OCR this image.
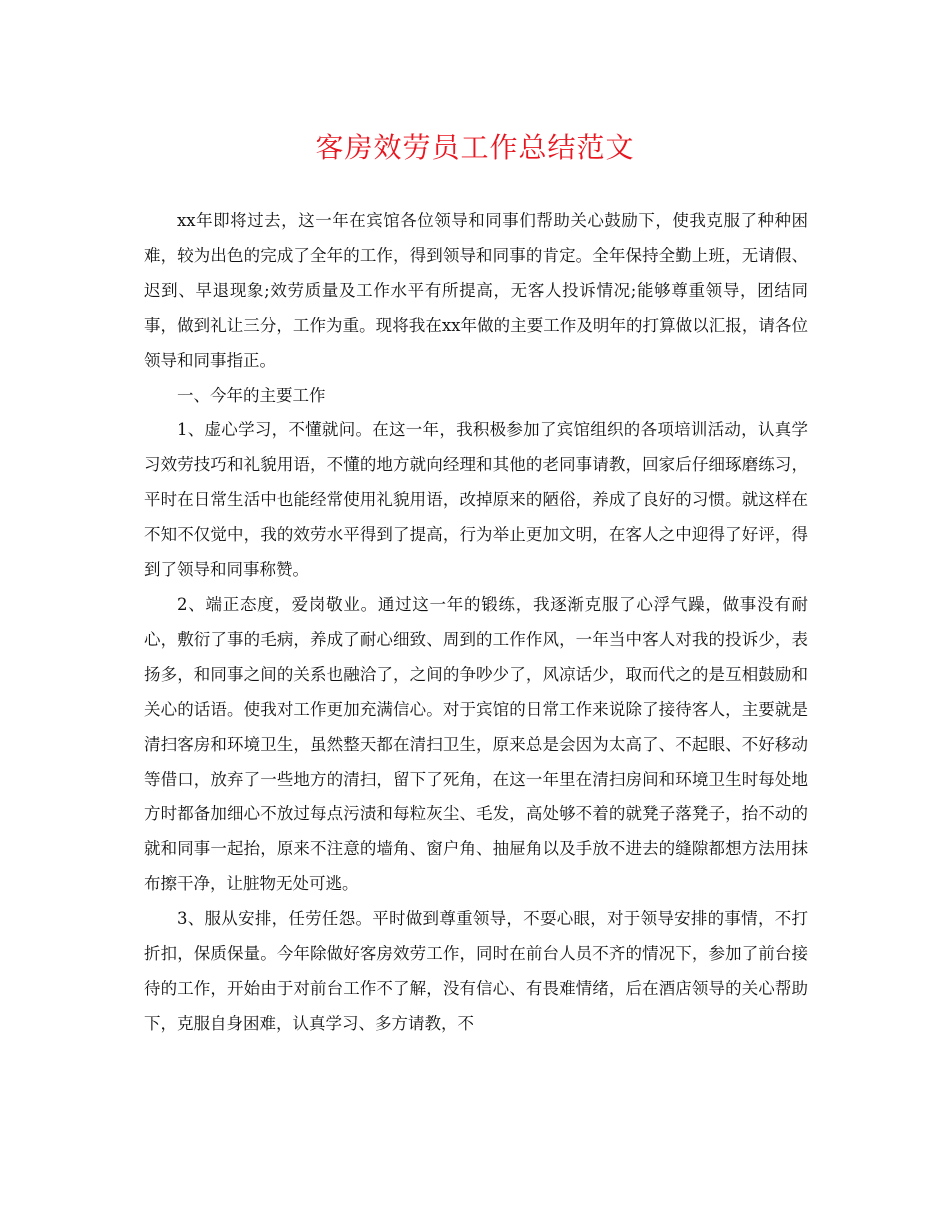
客房效劳员工作总结范文

xx年即将过去，这一年在宾馆各位领导和同事们帮助关心鼓励下，使我克服了种种困难，较为出色的完成了全年的工作，得到领导和同事的肯定。全年保持全勤上班，无请假、迟到、早退现象;效劳质量及工作水平有所提高，无客人投诉情况;能够尊重领导，团结同事，做到礼让三分，工作为重。现将我在xx年做的主要工作及明年的打算做以汇报，请各位领导和同事指正。

一、今年的主要工作

1、虚心学习，不懂就问。在这一年，我积极参加了宾馆组织的各项培训活动，认真学习效劳技巧和礼貌用语，不懂的地方就向经理和其他的老同事请教，回家后仔细琢磨练习，平时在日常生活中也能经常使用礼貌用语，改掉原来的陋俗，养成了良好的习惯。就这样在不知不仅觉中，我的效劳水平得到了提高，行为举止更加文明，在客人之中迎得了好评，得到了领导和同事称赞。

2、端正态度，爱岗敬业。通过这一年的锻练，我逐渐克服了心浮气躁，做事没有耐心，敷衍了事的毛病，养成了耐心细致、周到的工作作风，一年当中客人对我的投诉少，表扬多，和同事之间的关系也融洽了，之间的争吵少了，风凉话少，取而代之的是互相鼓励和关心的话语。使我对工作更加充满信心。对于宾馆的日常工作来说除了接待客人，主要就是清扫客房和环境卫生，虽然整天都在清扫卫生，原来总是会因为太高了、不起眼、不好移动等借口，放弃了一些地方的清扫，留下了死角，在这一年里在清扫房间和环境卫生时每处地方时都备加细心不放过每点污渍和每粒灰尘、毛发，高处够不着的就凳子落凳子，抬不动的就和同事一起抬，原来不注意的墙角、窗户角、抽屉角以及手放不进去的缝隙都想方法用抹布擦干净，让脏物无处可逃。

3、服从安排，任劳任怨。平时做到尊重领导，不耍心眼，对于领导安排的事情，不打折扣，保质保量。今年除做好客房效劳工作，同时在前台人员不齐的情况下，参加了前台接待的工作，开始由于对前台工作不了解，没有信心、有畏难情绪，后在酒店领导的关心帮助下，克服自身困难，认真学习、多方请教，不
